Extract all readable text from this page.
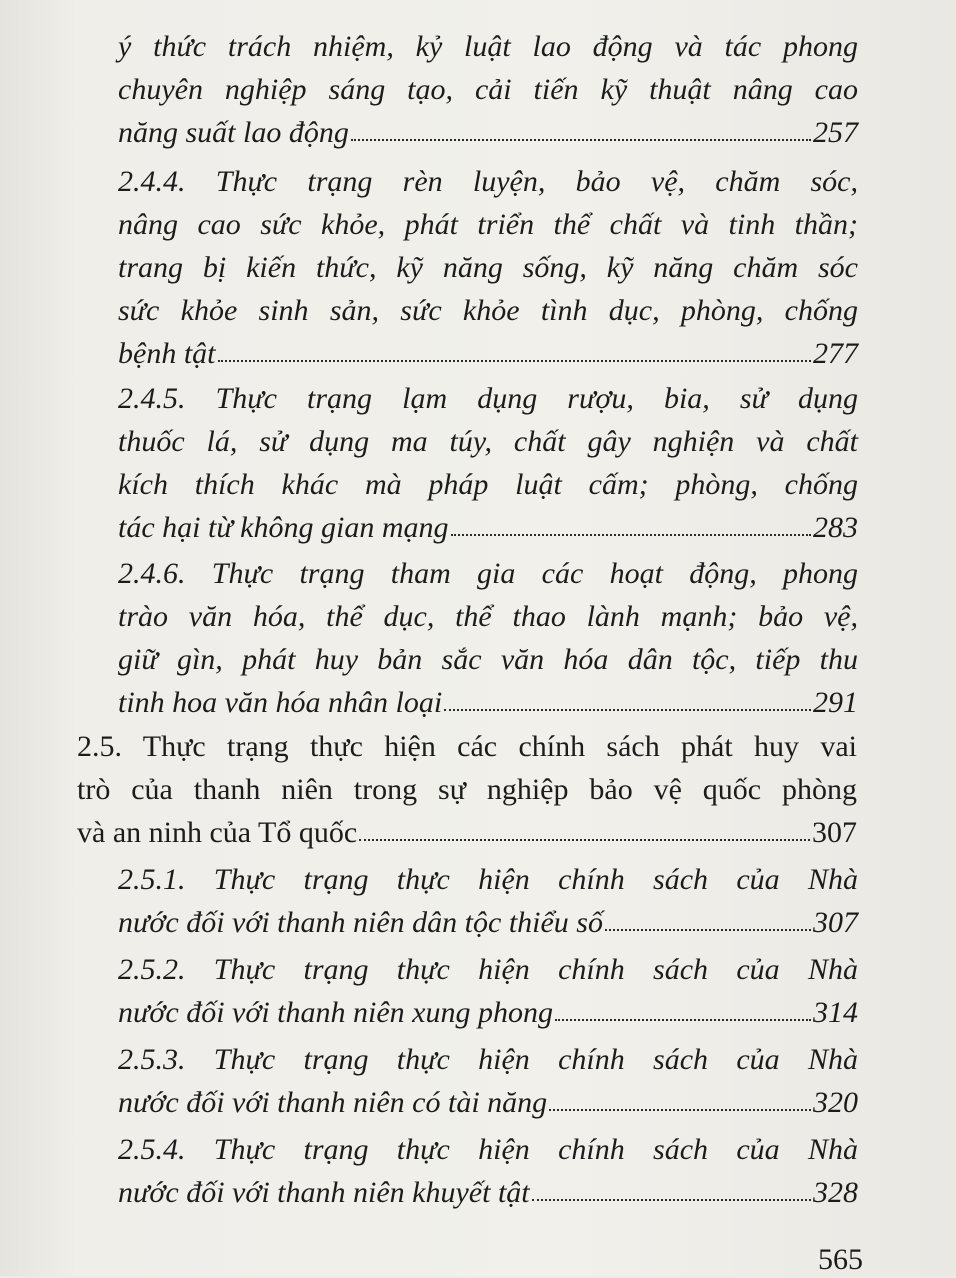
ý thức trách nhiệm, kỷ luật lao động và tác phong
chuyên nghiệp sáng tạo, cải tiến kỹ thuật nâng cao
năng suất lao động	257
2.4.4. Thực trạng rèn luyện, bảo vệ, chăm sóc,
nâng cao sức khỏe, phát triển thể chất và tinh thần;
trang bị kiến thức, kỹ năng sống, kỹ năng chăm sóc
sức khỏe sinh sản, sức khỏe tình dục, phòng, chống
bệnh tật	277
2.4.5. Thực trạng lạm dụng rượu, bia, sử dụng
thuốc lá, sử dụng ma túy, chất gây nghiện và chất
kích thích khác mà pháp luật cấm; phòng, chống
tác hại từ không gian mạng	283
2.4.6. Thực trạng tham gia các hoạt động, phong
trào văn hóa, thể dục, thể thao lành mạnh; bảo vệ,
giữ gìn, phát huy bản sắc văn hóa dân tộc, tiếp thu
tinh hoa văn hóa nhân loại	291
2.5. Thực trạng thực hiện các chính sách phát huy vai
trò của thanh niên trong sự nghiệp bảo vệ quốc phòng
và an ninh của Tổ quốc	307
2.5.1. Thực trạng thực hiện chính sách của Nhà
nước đối với thanh niên dân tộc thiểu số	307
2.5.2. Thực trạng thực hiện chính sách của Nhà
nước đối với thanh niên xung phong	314
2.5.3. Thực trạng thực hiện chính sách của Nhà
nước đối với thanh niên có tài năng	320
2.5.4. Thực trạng thực hiện chính sách của Nhà
nước đối với thanh niên khuyết tật	328
565
